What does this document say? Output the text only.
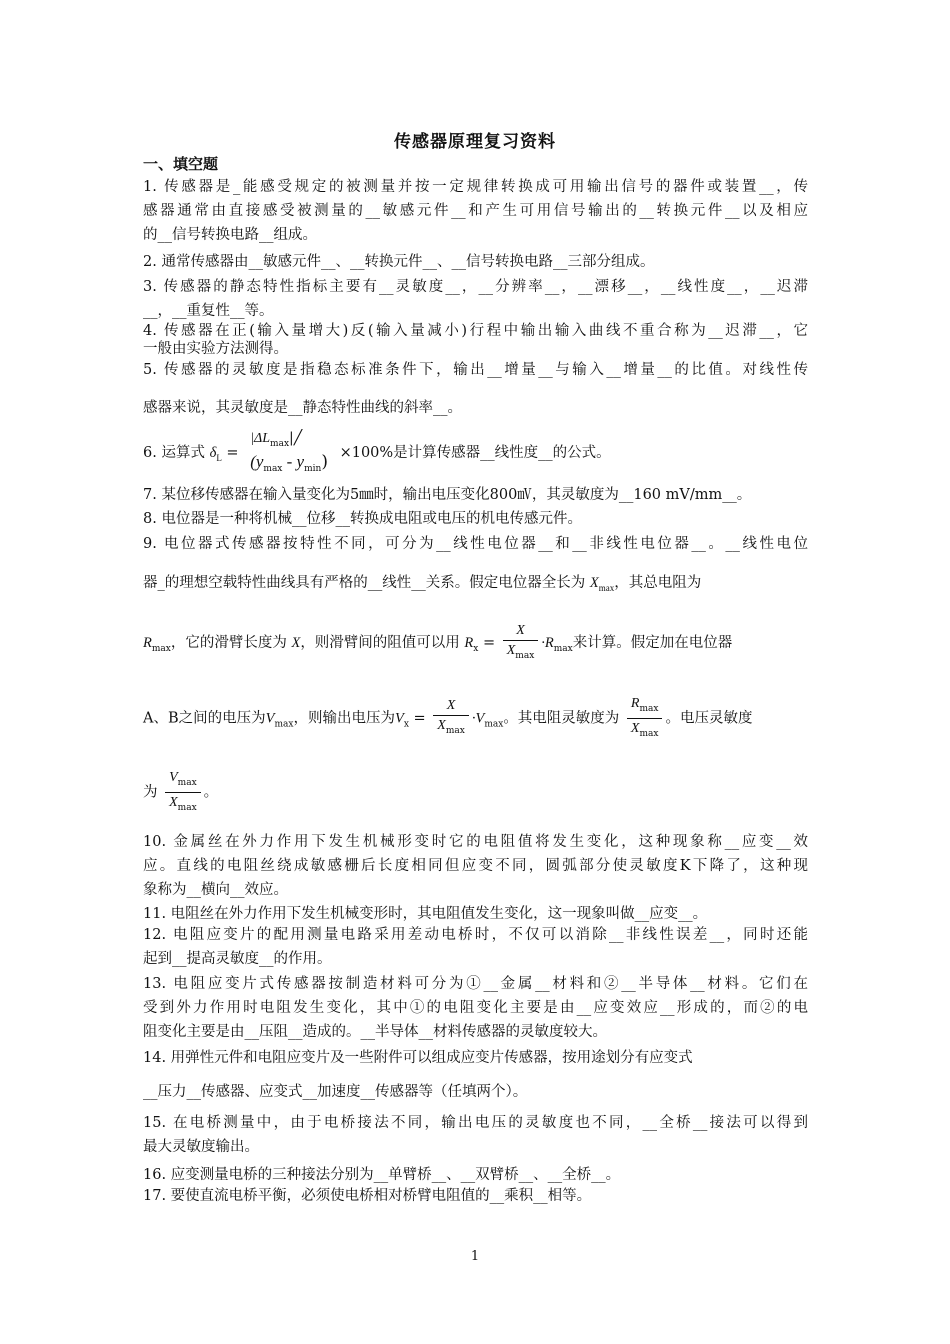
传感器原理复习资料
一、填空题
1. 传感器是_能感受规定的被测量并按一定规律转换成可用输出信号的器件或装置__，传
感器通常由直接感受被测量的__敏感元件__和产生可用信号输出的__转换元件__以及相应
的__信号转换电路__组成。
2. 通常传感器由__敏感元件__、__转换元件__、__信号转换电路__三部分组成。
3. 传感器的静态特性指标主要有__灵敏度__，__分辨率__，__漂移__，__线性度__，__迟滞
__，__重复性__等。
4. 传感器在正(输入量增大)反(输入量减小)行程中输出输入曲线不重合称为__迟滞__，它
一般由实验方法测得。
5. 传感器的灵敏度是指稳态标准条件下，输出__增量__与输入__增量__的比值。对线性传
感器来说，其灵敏度是__静态特性曲线的斜率__。
6. 运算式 $\delta_L$ =
$|\Delta L_{max}|╱$
$(y_{max} - y_{min}) \times 100\%$是计算传感器__线性度__的公式。
7. 某位移传感器在输入量变化为5㎜时，输出电压变化800㎷，其灵敏度为__160 mV/mm__。
8. 电位器是一种将机械__位移__转换成电阻或电压的机电传感元件。
9. 电位器式传感器按特性不同，可分为__线性电位器__和__非线性电位器__。__线性电位
器_的理想空载特性曲线具有严格的__线性__关系。假定电位器全长为 $X_{max}$，其总电阻为
$R_{max}$，它的滑臂长度为 X，则滑臂间的阻值可以用 $R_x = \frac{X}{X_{max}} \cdot R_{max}$来计算。假定加在电位器
A、B之间的电压为$V_{max}$，则输出电压为$V_x = \frac{X}{X_{max}} \cdot V_{max}$。其电阻灵敏度为 $\frac{R_{max}}{X_{max}}$ 。电压灵敏度
为 $\frac{V_{max}}{X_{max}}$ 。
10. 金属丝在外力作用下发生机械形变时它的电阻值将发生变化，这种现象称__应变__效
应。直线的电阻丝绕成敏感栅后长度相同但应变不同，圆弧部分使灵敏度K下降了，这种现
象称为__横向__效应。
11. 电阻丝在外力作用下发生机械变形时，其电阻值发生变化，这一现象叫做__应变__。
12. 电阻应变片的配用测量电路采用差动电桥时，不仅可以消除__非线性误差__，同时还能
起到__提高灵敏度__的作用。
13. 电阻应变片式传感器按制造材料可分为①__金属__材料和②__半导体__材料。它们在
受到外力作用时电阻发生变化，其中①的电阻变化主要是由__应变效应__形成的，而②的电
阻变化主要是由__压阻__造成的。__半导体__材料传感器的灵敏度较大。
14. 用弹性元件和电阻应变片及一些附件可以组成应变片传感器，按用途划分有应变式
__压力__传感器、应变式__加速度__传感器等（任填两个）。
15. 在电桥测量中，由于电桥接法不同，输出电压的灵敏度也不同，__全桥__接法可以得到
最大灵敏度输出。
16. 应变测量电桥的三种接法分别为__单臂桥__、__双臂桥__、__全桥__。
17. 要使直流电桥平衡，必须使电桥相对桥臂电阻值的__乘积__相等。
1
